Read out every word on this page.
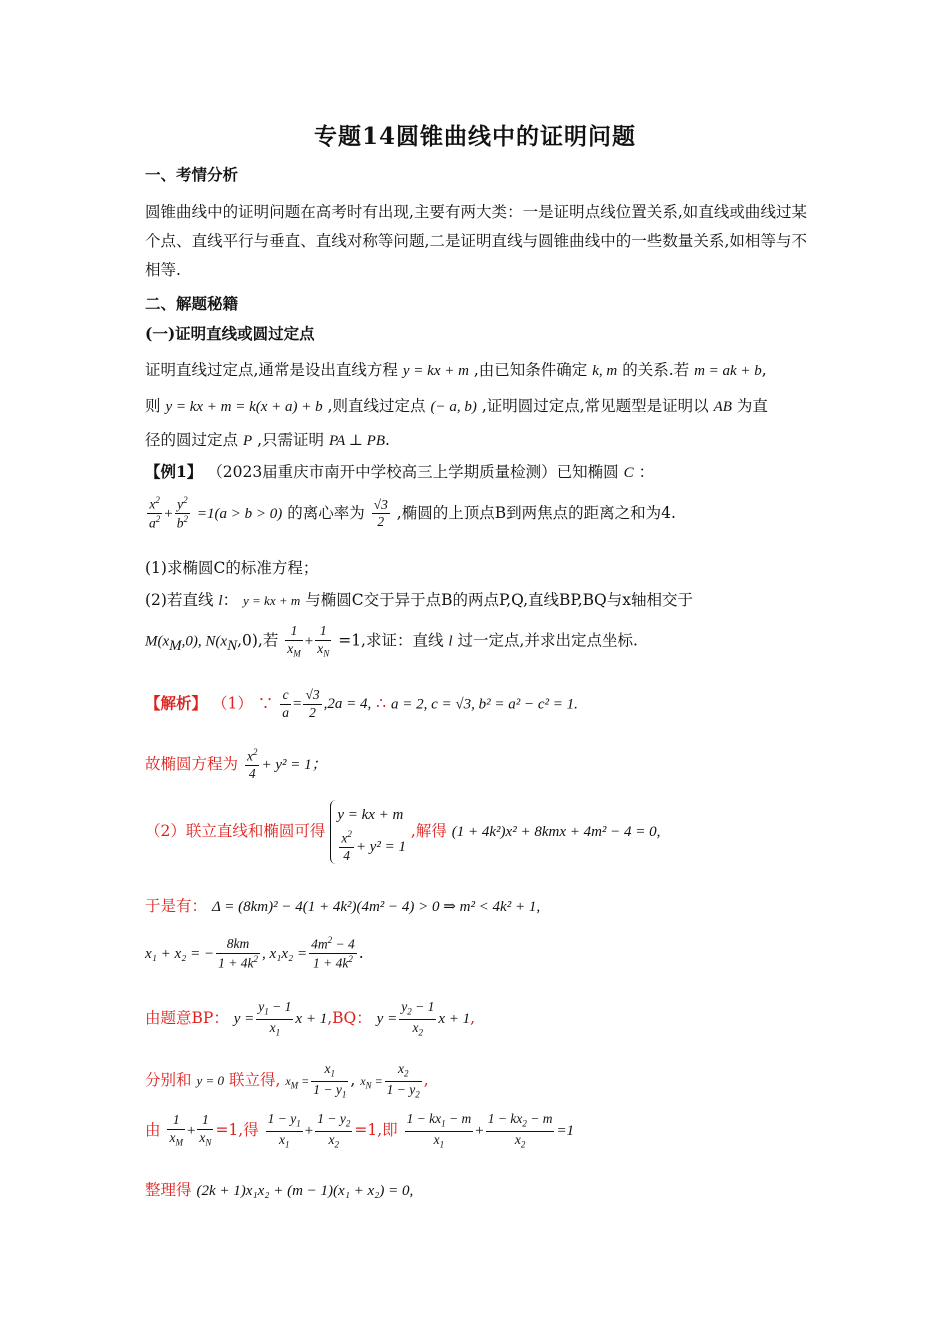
专题14圆锥曲线中的证明问题
一、考情分析
圆锥曲线中的证明问题在高考时有出现,主要有两大类：一是证明点线位置关系,如直线或曲线过某个点、直线平行与垂直、直线对称等问题,二是证明直线与圆锥曲线中的一些数量关系,如相等与不相等.
二、解题秘籍
(一)证明直线或圆过定点
证明直线过定点,通常是设出直线方程 y = kx + m ,由已知条件确定 k, m 的关系.若 m = ak + b,
则 y = kx + m = k(x + a) + b ,则直线过定点 (− a, b) ,证明圆过定点,常见题型是证明以 AB 为直
径的圆过定点 P ,只需证明 PA ⊥ PB.
【例1】 （2023届重庆市南开中学校高三上学期质量检测）已知椭圆 C ：
$\frac{x^2}{a^2} + \frac{y^2}{b^2} =1(a > b > 0)$ 的离心率为 $\frac{√3}{2}$ ,椭圆的上顶点B到两焦点的距离之和为4.
(1)求椭圆C的标准方程；
(2)若直线 l： y = kx + m 与椭圆C交于异于点B的两点P,Q,直线BP,BQ与x轴相交于
$M(x_M,0)$, $N(x_N,0)$,若 $\frac{1}{x_M} + \frac{1}{x_N} =1$,求证：直线 l 过一定点,并求出定点坐标.
【解析】 （1） ∵ $\frac{c}{a} = \frac{√3}{2} ,2a = 4$, ∴ a = 2, c = √3, b² = a² − c² = 1.
故椭圆方程为 $\frac{x^2}{4} + y^2 = 1$；
（2）联立直线和椭圆可得
y = kx + m
$\frac{x^2}{4} + y^2 = 1$
,解得 (1 + 4k²)x² + 8kmx + 4m² − 4 = 0,
于是有： Δ = (8km)² − 4(1 + 4k²)(4m² − 4) > 0 ⇒ m² < 4k² + 1,
x₁ + x₂ = − $\frac{8km}{1 + 4k^2}$ , $x_1x_2 = \frac{4m^2 - 4}{1 + 4k^2}$ .
由题意BP： $y = \frac{y_1 - 1}{x_1}$ x + 1,BQ： $y = \frac{y_2 - 1}{x_2}$ x + 1,
分别和 y = 0 联立得, $x_M = \frac{x_1}{1 - y_1}$ , $x_N = \frac{x_2}{1 - y_2}$ ,
由 $\frac{1}{x_M} + \frac{1}{x_N} =1$,得 $\frac{1 - y_1}{x_1} + \frac{1 - y_2}{x_2} =1$,即 $\frac{1 - kx_1 - m}{x_1} + \frac{1 - kx_2 - m}{x_2} =1$
整理得 (2k + 1)x₁x₂ + (m − 1)(x₁ + x₂) = 0,
